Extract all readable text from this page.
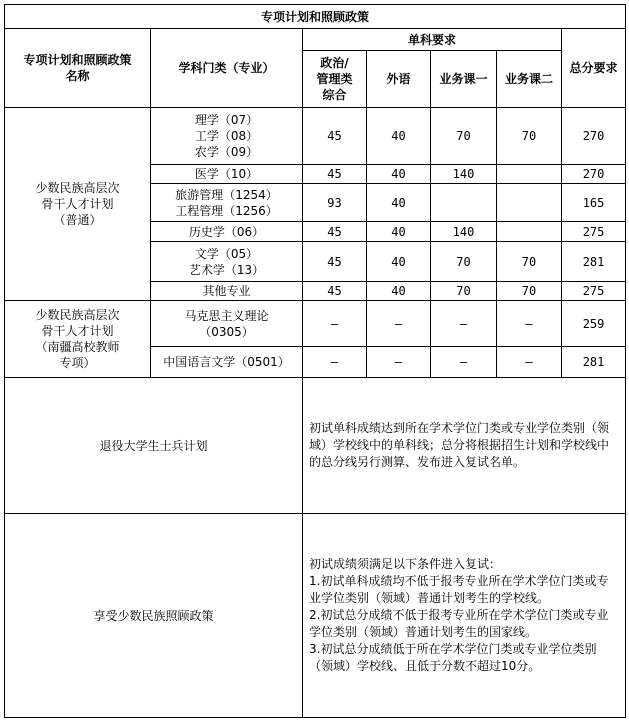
专项计划和照顾政策						
专项计划和照顾政策
名称	学科门类（专业）	单科要求				总分要求
		政治/
管理类
综合	外语	业务课一	业务课二	
少数民族高层次
骨干人才计划
（普通）	理学（07）
工学（08）
农学（09）	45	40	70	70	270
	医学（10）	45	40	140		270
	旅游管理（1254）
工程管理（1256）	93	40			165
	历史学（06）	45	40	140		275
	文学（05）
艺术学（13）	45	40	70	70	281
	其他专业	45	40	70	70	275
少数民族高层次
骨干人才计划
（南疆高校教师
专项）	马克思主义理论
（0305）	–	–	–	–	259
	中国语言文学（0501）	–	–	–	–	281
退役大学生士兵计划		初试单科成绩达到所在学术学位门类或专业学位类别（领域）学校线中的单科线；总分将根据招生计划和学校线中的总分线另行测算、发布进入复试名单。				
享受少数民族照顾政策		初试成绩须满足以下条件进入复试：
1.初试单科成绩均不低于报考专业所在学术学位门类或专业学位类别（领域）普通计划考生的学校线。
2.初试总分成绩不低于报考专业所在学术学位门类或专业学位类别（领域）普通计划考生的国家线。
3.初试总分成绩低于所在学术学位门类或专业学位类别（领域）学校线、且低于分数不超过10分。				
